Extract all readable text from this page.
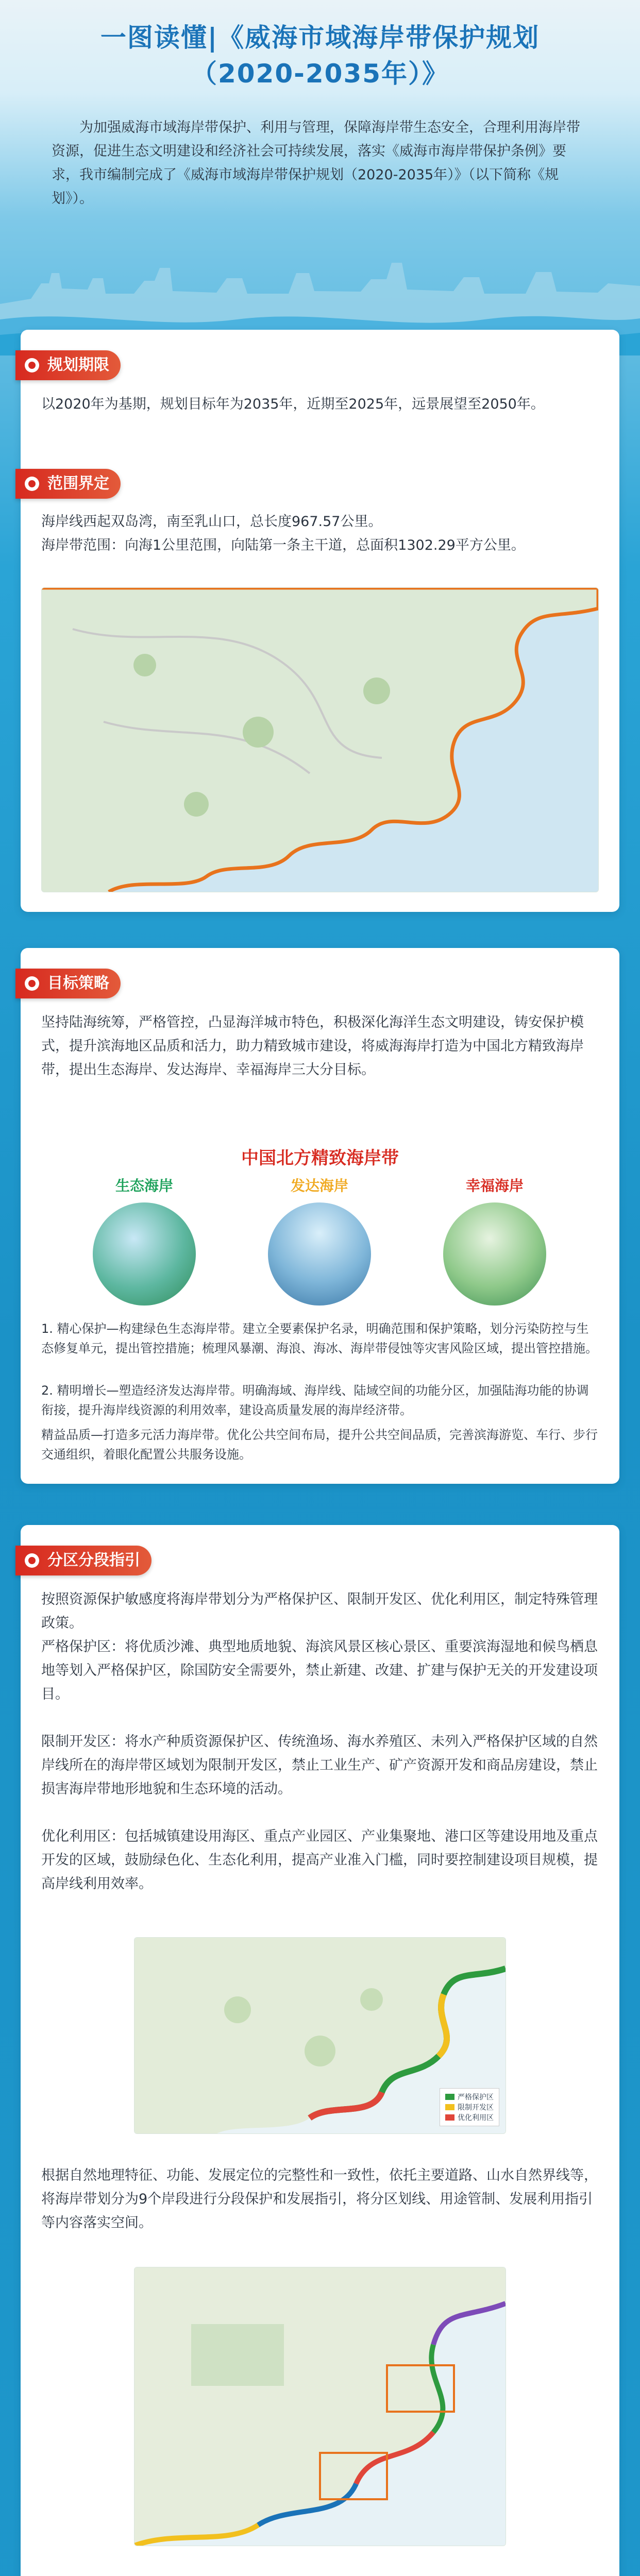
一图读懂|《威海市域海岸带保护规划
（2020-2035年）》
为加强威海市域海岸带保护、利用与管理，保障海岸带生态安全，合理利用海岸带资源，促进生态文明建设和经济社会可持续发展，落实《威海市海岸带保护条例》要求，我市编制完成了《威海市域海岸带保护规划（2020-2035年）》（以下简称《规划》）。
规划期限
以2020年为基期，规划目标年为2035年，近期至2025年，远景展望至2050年。
范围界定
海岸线西起双岛湾，南至乳山口，总长度967.57公里。
海岸带范围：向海1公里范围，向陆第一条主干道，总面积1302.29平方公里。
目标策略
坚持陆海统筹，严格管控，凸显海洋城市特色，积极深化海洋生态文明建设，铸安保护模式，提升滨海地区品质和活力，助力精致城市建设，将威海海岸打造为中国北方精致海岸带，提出生态海岸、发达海岸、幸福海岸三大分目标。
中国北方精致海岸带
生态海岸	发达海岸	幸福海岸
1. 精心保护—构建绿色生态海岸带。建立全要素保护名录，明确范围和保护策略，划分污染防控与生态修复单元，提出管控措施；梳理风暴潮、海浪、海冰、海岸带侵蚀等灾害风险区域，提出管控措施。
2. 精明增长—塑造经济发达海岸带。明确海域、海岸线、陆域空间的功能分区，加强陆海功能的协调衔接，提升海岸线资源的利用效率，建设高质量发展的海岸经济带。
精益品质—打造多元活力海岸带。优化公共空间布局，提升公共空间品质，完善滨海游览、车行、步行交通组织，着眼化配置公共服务设施。
分区分段指引
按照资源保护敏感度将海岸带划分为严格保护区、限制开发区、优化利用区，制定特殊管理政策。
严格保护区：将优质沙滩、典型地质地貌、海滨风景区核心景区、重要滨海湿地和候鸟栖息地等划入严格保护区，除国防安全需要外，禁止新建、改建、扩建与保护无关的开发建设项目。
限制开发区：将水产种质资源保护区、传统渔场、海水养殖区、未列入严格保护区域的自然岸线所在的海岸带区域划为限制开发区，禁止工业生产、矿产资源开发和商品房建设，禁止损害海岸带地形地貌和生态环境的活动。
优化利用区：包括城镇建设用海区、重点产业园区、产业集聚地、港口区等建设用地及重点开发的区域，鼓励绿色化、生态化利用，提高产业准入门槛，同时要控制建设项目规模，提高岸线利用效率。
严格保护区
限制开发区
优化利用区
根据自然地理特征、功能、发展定位的完整性和一致性，依托主要道路、山水自然界线等，将海岸带划分为9个岸段进行分段保护和发展指引，将分区划线、用途管制、发展利用指引等内容落实空间。
